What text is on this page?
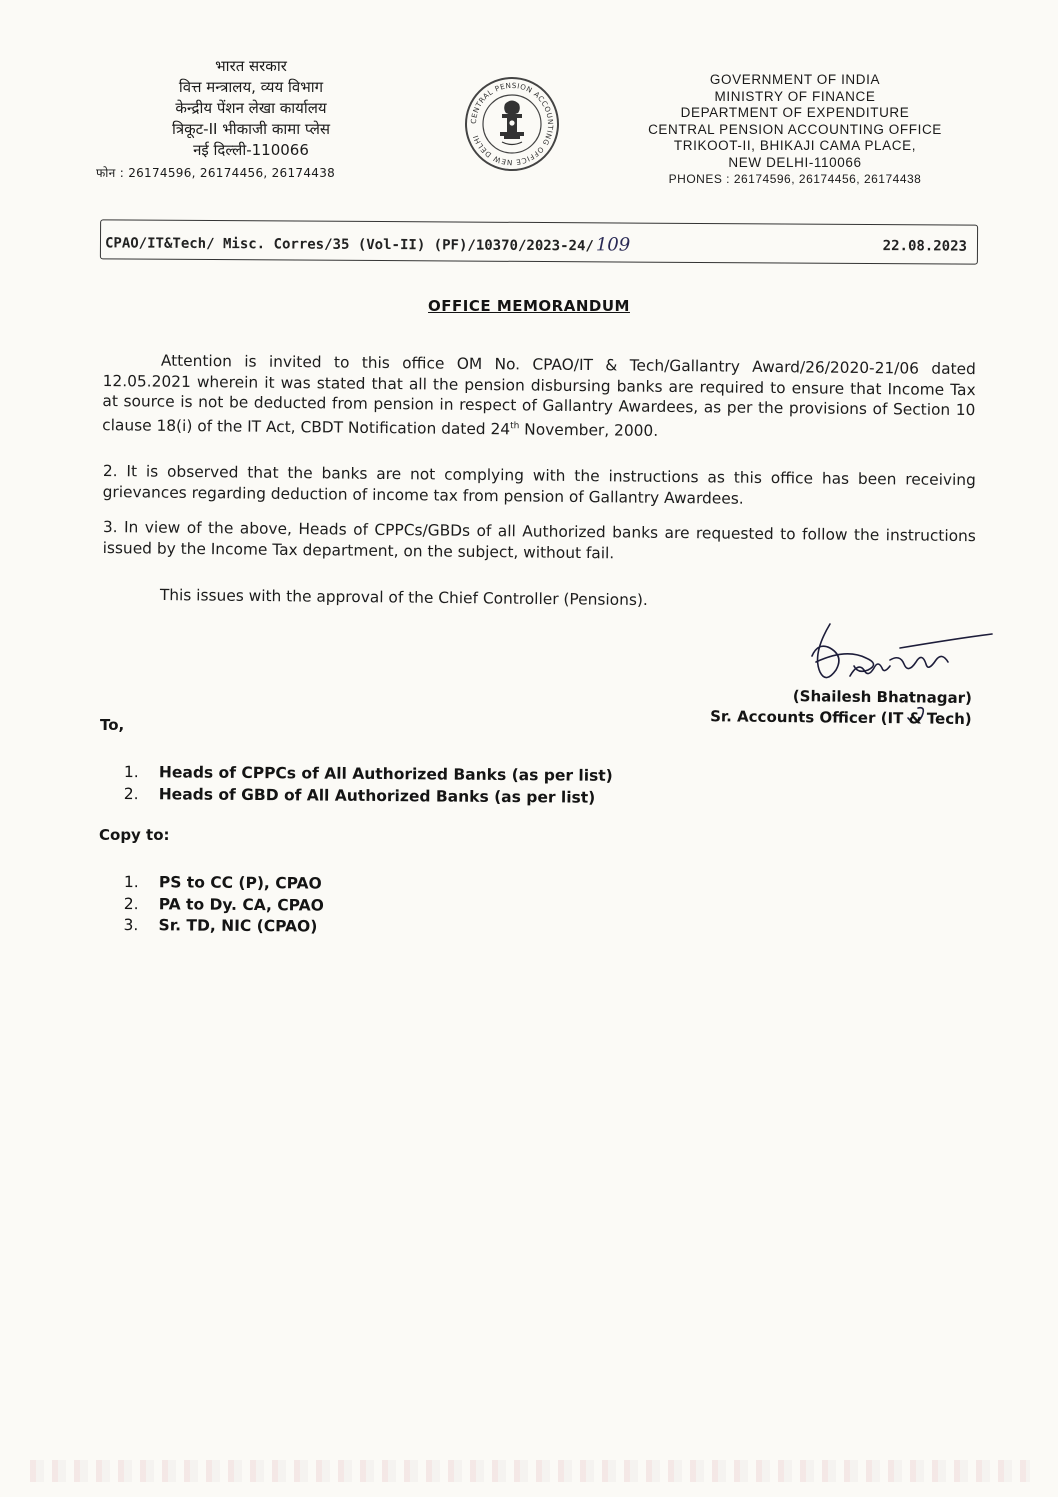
भारत सरकार
वित्त मन्त्रालय, व्यय विभाग
केन्द्रीय पेंशन लेखा कार्यालय
त्रिकूट-II भीकाजी कामा प्लेस
नई दिल्ली-110066
फोन : 26174596, 26174456, 26174438
CENTRAL PENSION ACCOUNTING OFFICE NEW DELHI
GOVERNMENT OF INDIA
MINISTRY OF FINANCE
DEPARTMENT OF EXPENDITURE
CENTRAL PENSION ACCOUNTING OFFICE
TRIKOOT-II, BHIKAJI CAMA PLACE,
NEW DELHI-110066
PHONES : 26174596, 26174456, 26174438
CPAO/IT&Tech/ Misc. Corres/35 (Vol-II) (PF)/10370/2023-24/ 109	22.08.2023
OFFICE MEMORANDUM
Attention is invited to this office OM No. CPAO/IT & Tech/Gallantry Award/26/2020-21/06 dated 12.05.2021 wherein it was stated that all the pension disbursing banks are required to ensure that Income Tax at source is not be deducted from pension in respect of Gallantry Awardees, as per the provisions of Section 10 clause 18(i) of the IT Act, CBDT Notification dated 24th November, 2000.
2. It is observed that the banks are not complying with the instructions as this office has been receiving grievances regarding deduction of income tax from pension of Gallantry Awardees.
3. In view of the above, Heads of CPPCs/GBDs of all Authorized banks are requested to follow the instructions issued by the Income Tax department, on the subject, without fail.
This issues with the approval of the Chief Controller (Pensions).
(Shailesh Bhatnagar)
Sr. Accounts Officer (IT & Tech)
To,
1. Heads of CPPCs of All Authorized Banks (as per list)
2. Heads of GBD of All Authorized Banks (as per list)
Copy to:
1. PS to CC (P), CPAO
2. PA to Dy. CA, CPAO
3. Sr. TD, NIC (CPAO)
